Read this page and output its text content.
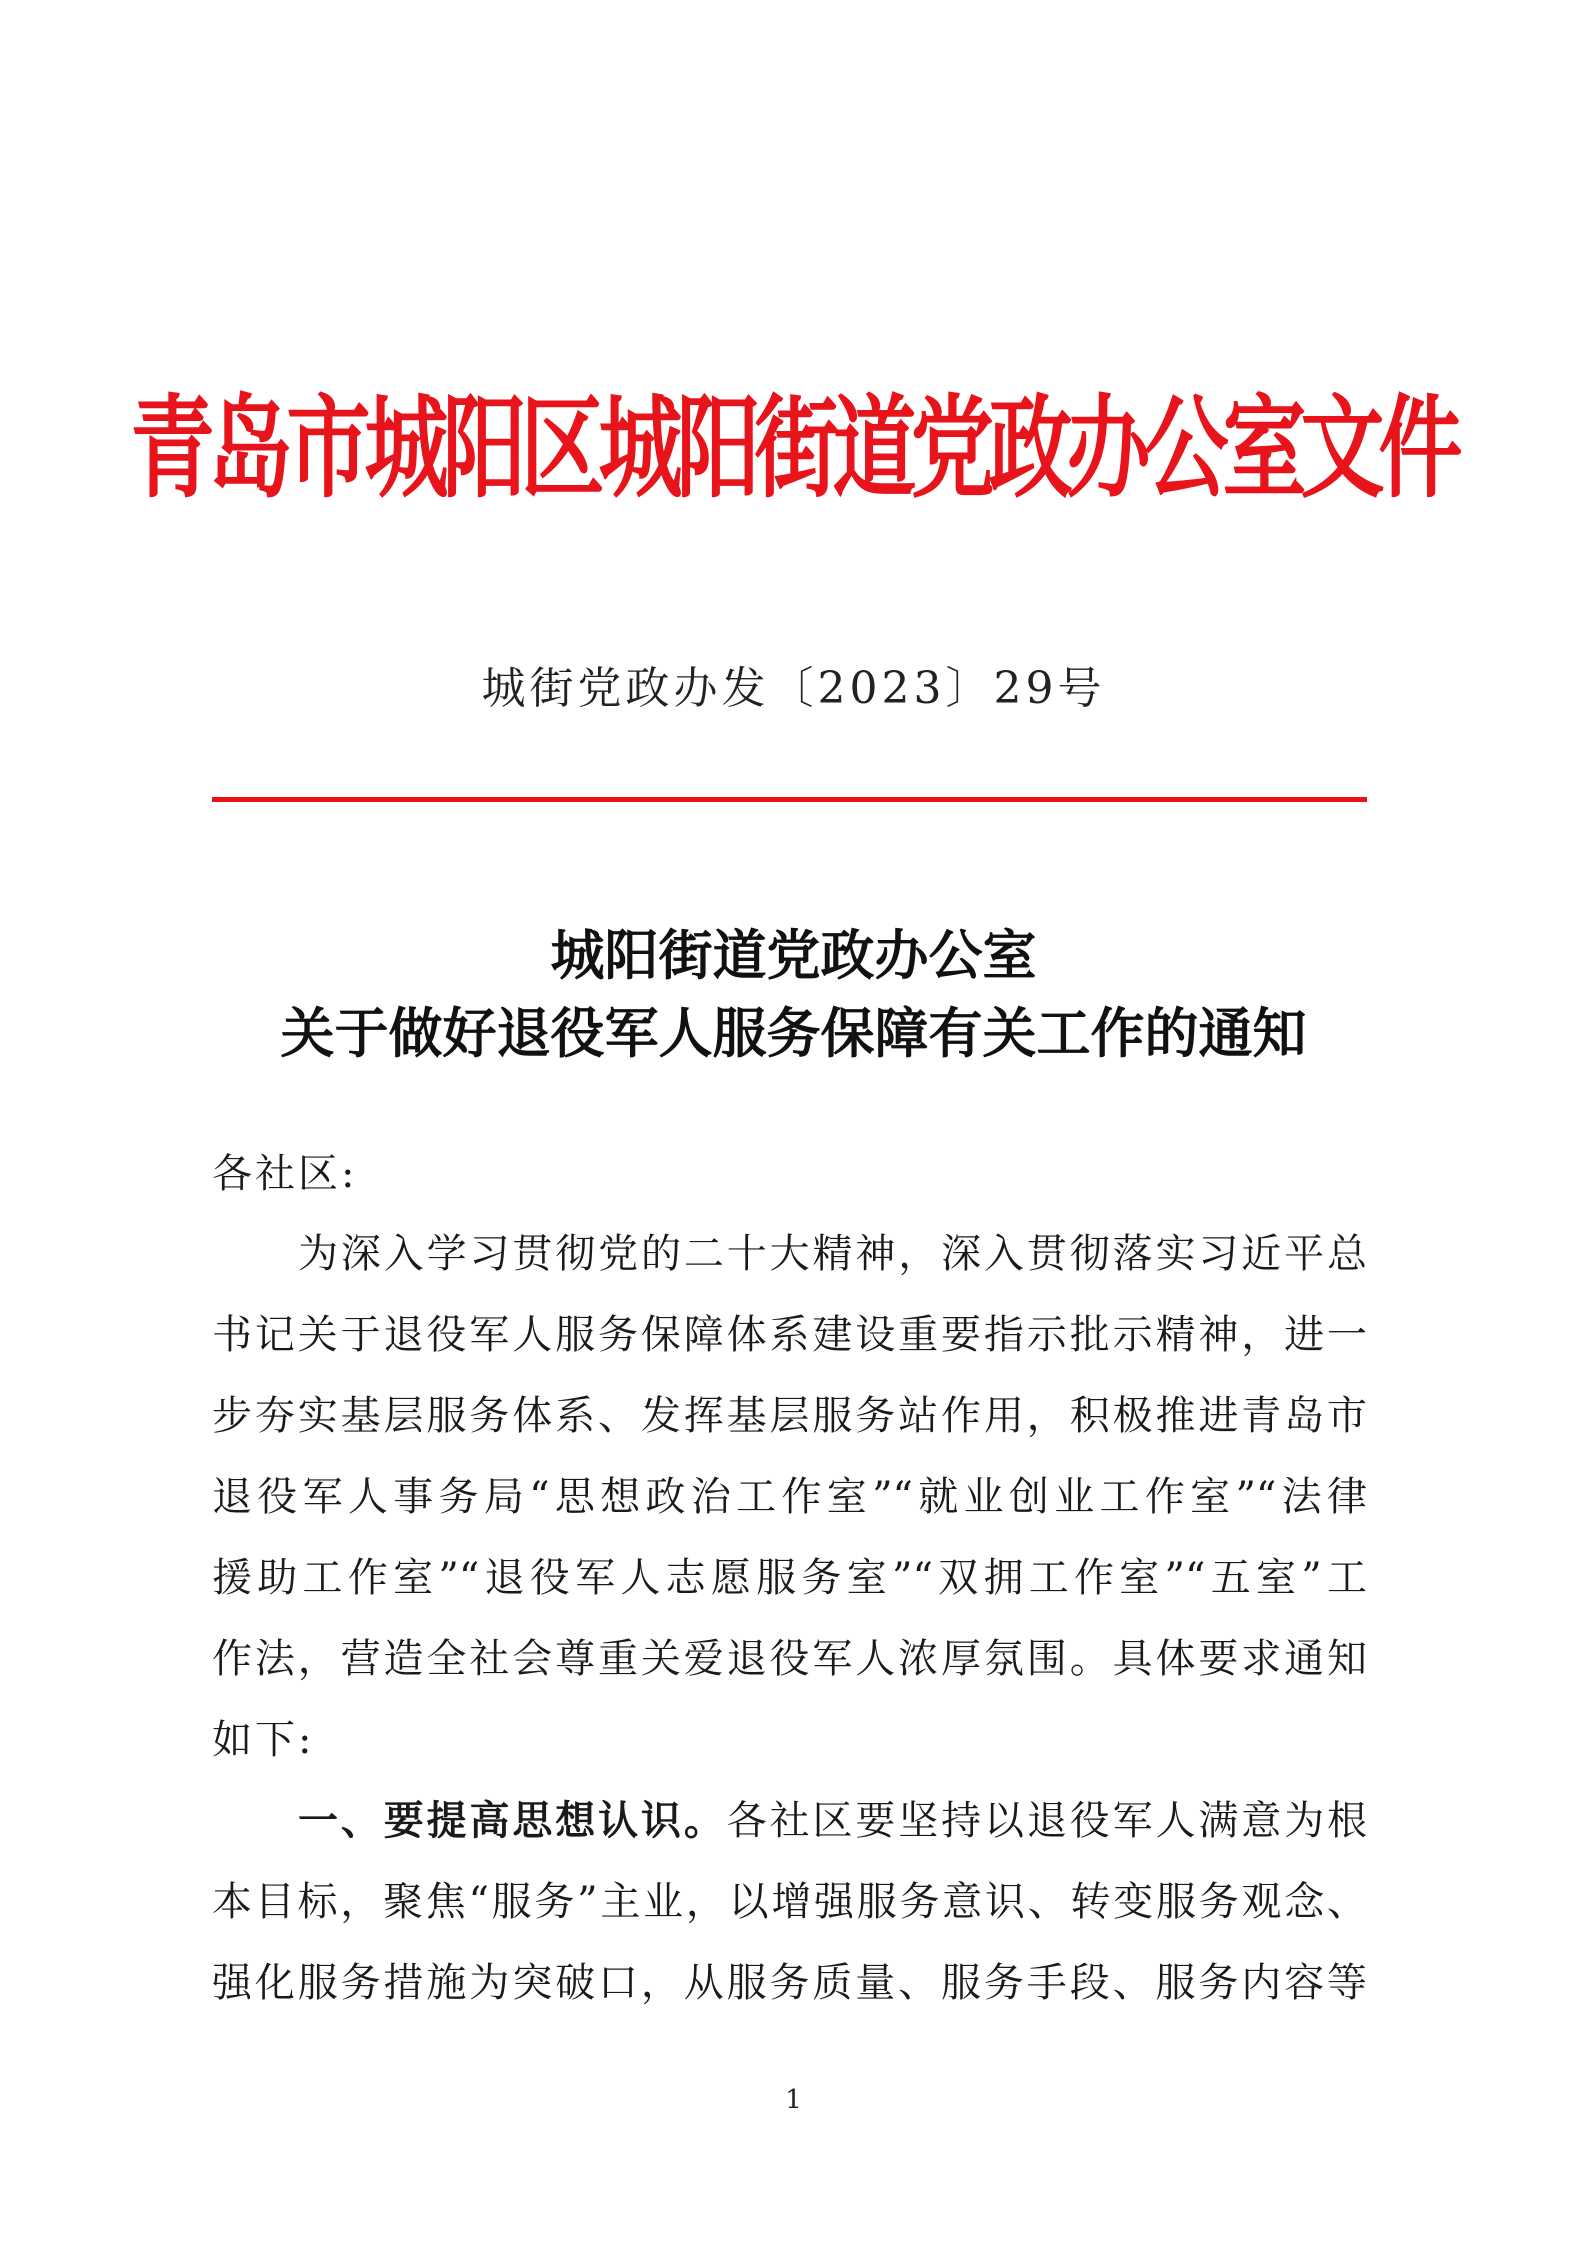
青岛市城阳区城阳街道党政办公室文件
城街党政办发〔2023〕29号
城阳街道党政办公室
关于做好退役军人服务保障有关工作的通知
各社区:
为深入学习贯彻党的二十大精神，深入贯彻落实习近平总
书记关于退役军人服务保障体系建设重要指示批示精神，进一
步夯实基层服务体系、发挥基层服务站作用，积极推进青岛市
退役军人事务局“思想政治工作室”“就业创业工作室”“法律
援助工作室”“退役军人志愿服务室”“双拥工作室”“五室”工
作法，营造全社会尊重关爱退役军人浓厚氛围。具体要求通知
如下:
一、要提高思想认识。各社区要坚持以退役军人满意为根
本目标，聚焦“服务”主业，以增强服务意识、转变服务观念、
强化服务措施为突破口，从服务质量、服务手段、服务内容等
1
